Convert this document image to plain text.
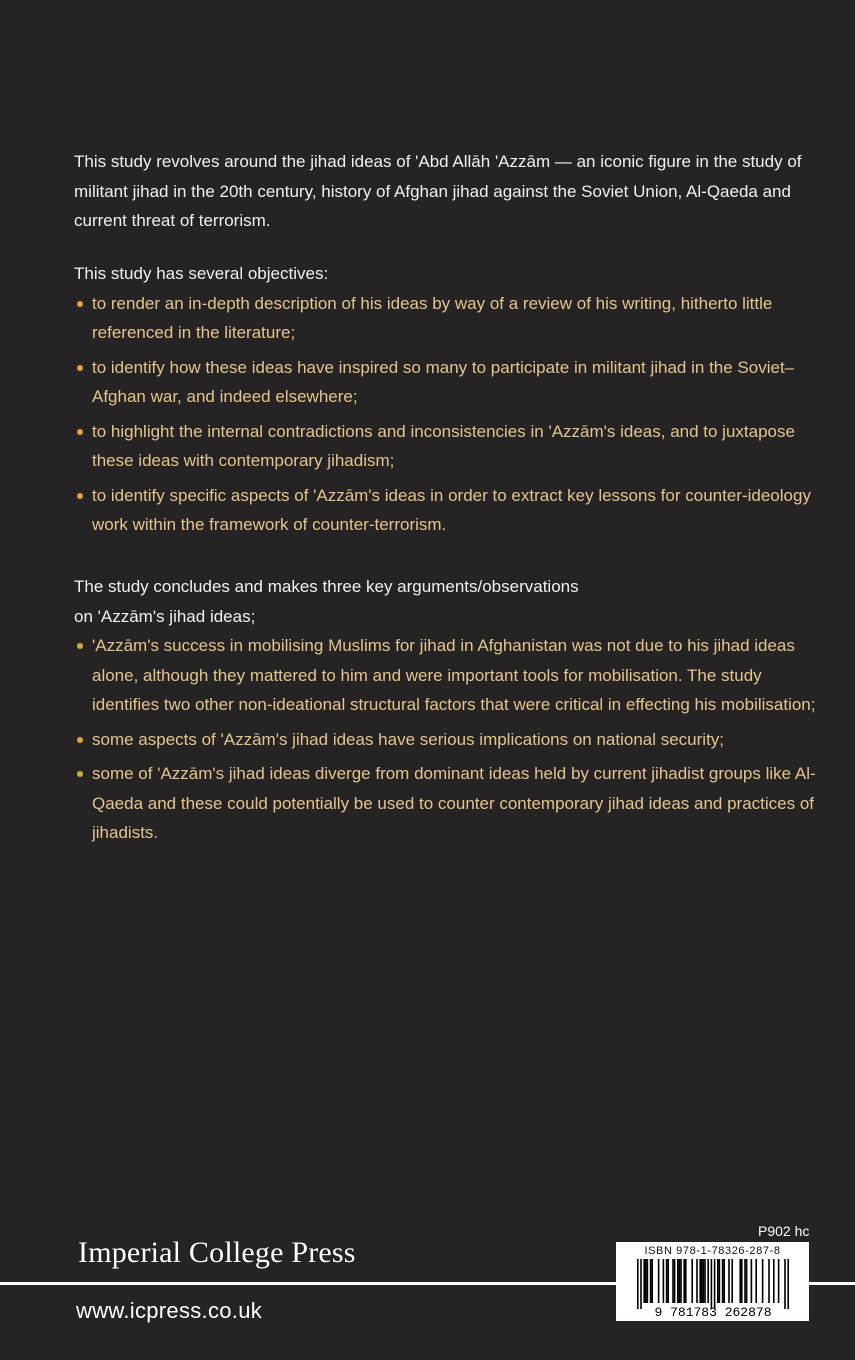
This study revolves around the jihad ideas of 'Abd Allāh 'Azzām — an iconic figure in the study of militant jihad in the 20th century, history of Afghan jihad against the Soviet Union, Al-Qaeda and current threat of terrorism.

This study has several objectives:

to render an in-depth description of his ideas by way of a review of his writing, hitherto little referenced in the literature;
to identify how these ideas have inspired so many to participate in militant jihad in the Soviet–Afghan war, and indeed elsewhere;
to highlight the internal contradictions and inconsistencies in 'Azzām's ideas, and to juxtapose these ideas with contemporary jihadism;
to identify specific aspects of 'Azzām's ideas in order to extract key lessons for counter-ideology work within the framework of counter-terrorism.

The study concludes and makes three key arguments/observations
on 'Azzām's jihad ideas;

'Azzām's success in mobilising Muslims for jihad in Afghanistan was not due to his jihad ideas alone, although they mattered to him and were important tools for mobilisation. The study identifies two other non-ideational structural factors that were critical in effecting his mobilisation;
some aspects of 'Azzām's jihad ideas have serious implications on national security;
some of 'Azzām's jihad ideas diverge from dominant ideas held by current jihadist groups like Al-Qaeda and these could potentially be used to counter contemporary jihad ideas and practices of jihadists.
Imperial College Press
www.icpress.co.uk
P902 hc
ISBN 978-1-78326-287-8
9 781783 262878
